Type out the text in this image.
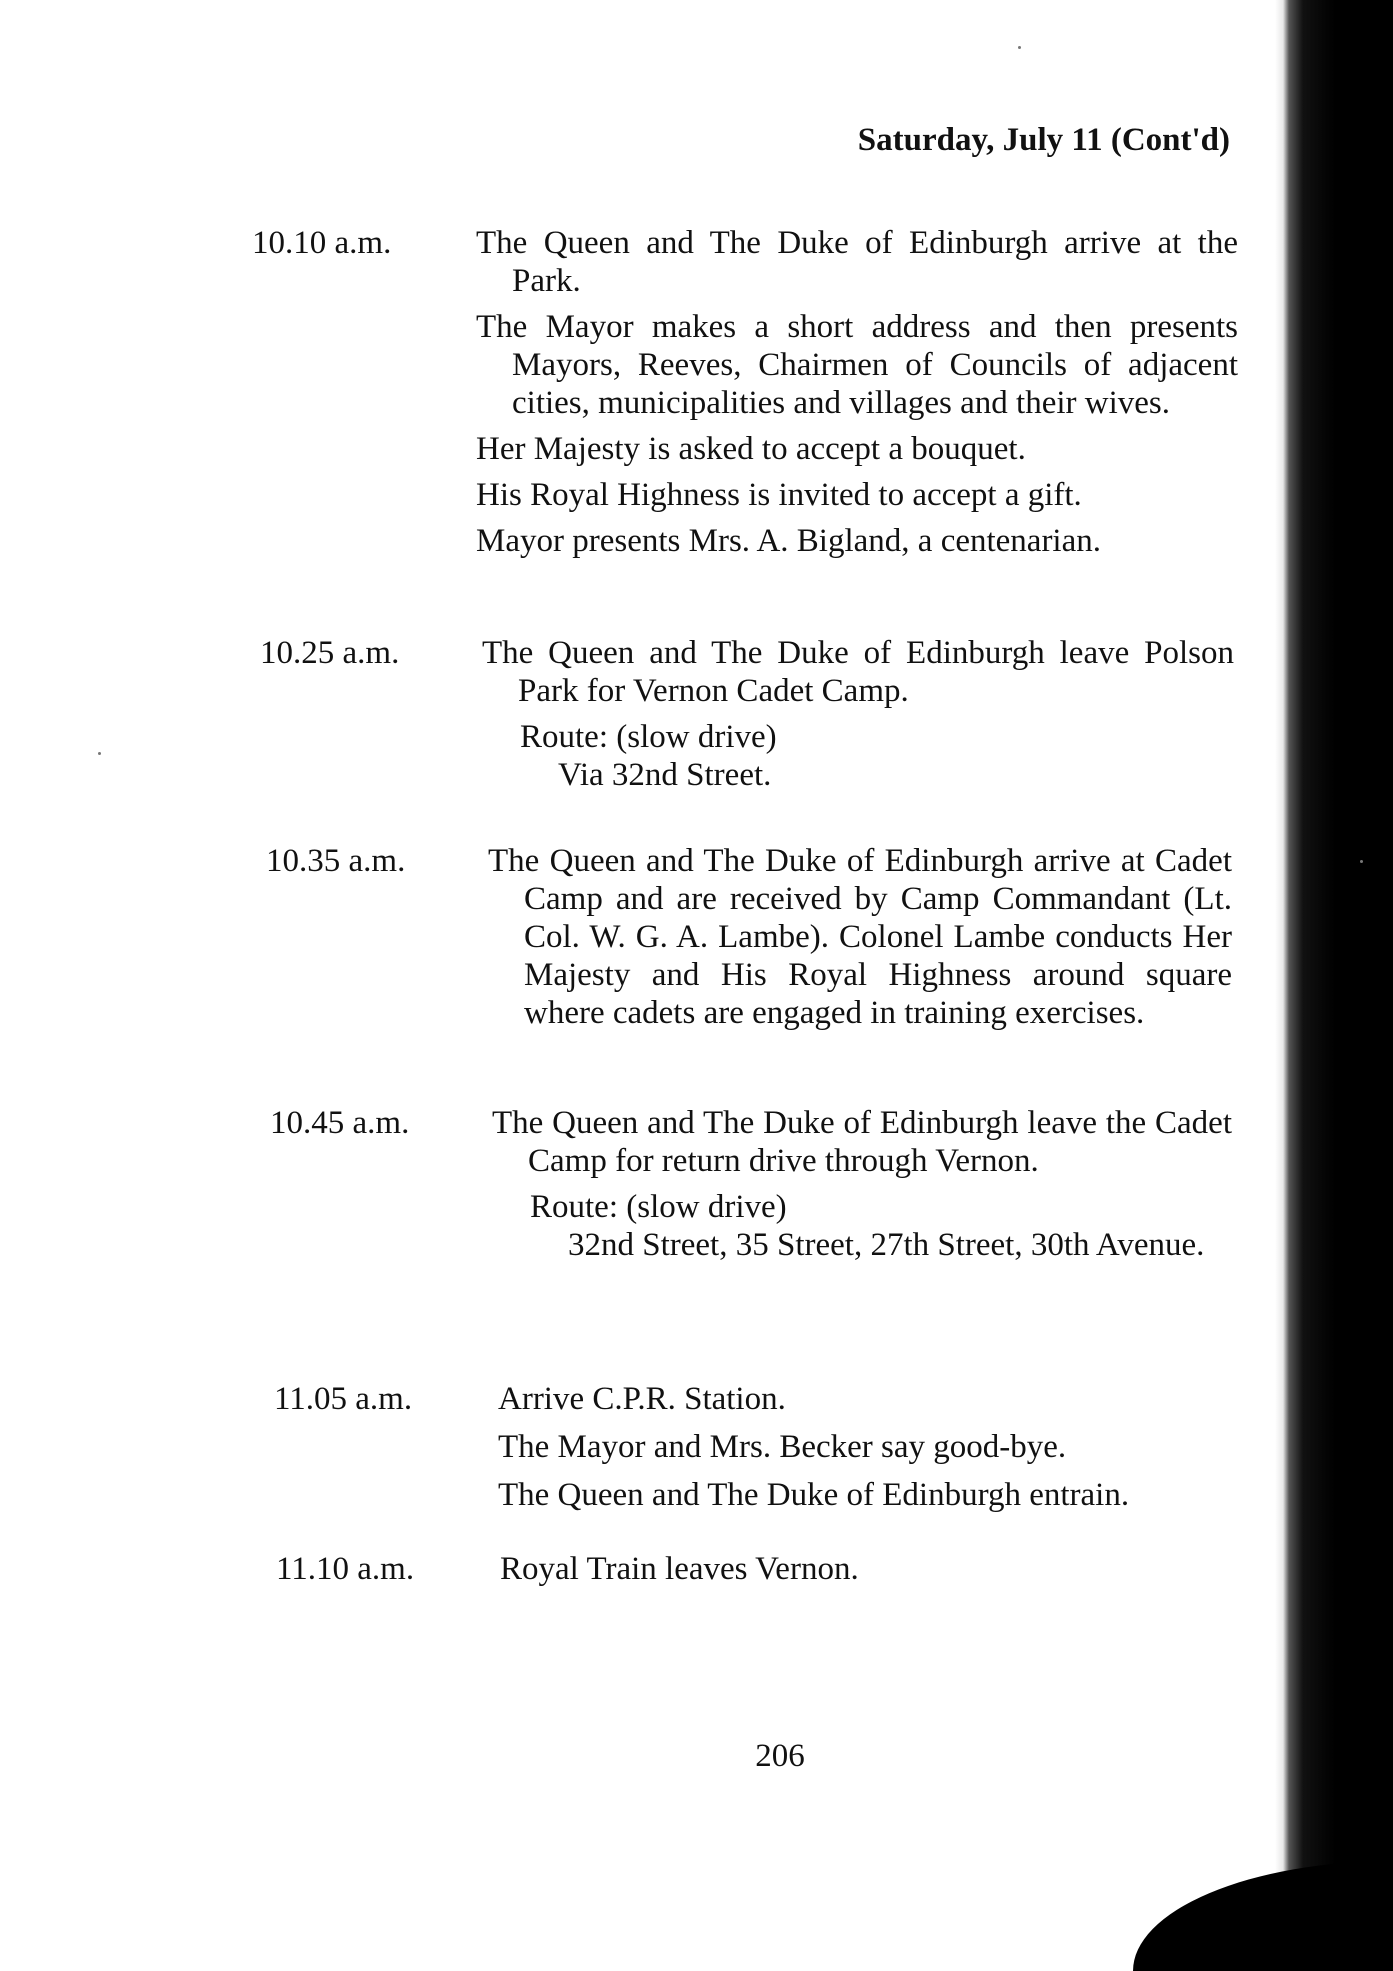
Saturday, July 11 (Cont'd)
10.10 a.m.	The Queen and The Duke of Edinburgh arrive at the Park.

The Mayor makes a short address and then presents Mayors, Reeves, Chairmen of Councils of adjacent cities, municipalities and villages and their wives.

Her Majesty is asked to accept a bouquet.

His Royal Highness is invited to accept a gift.

Mayor presents Mrs. A. Bigland, a centenarian.

10.25 a.m.	The Queen and The Duke of Edinburgh leave Polson Park for Vernon Cadet Camp.

Route: (slow drive)
Via 32nd Street.
10.35 a.m.	The Queen and The Duke of Edinburgh arrive at Cadet Camp and are received by Camp Commandant (Lt. Col. W. G. A. Lambe). Colonel Lambe conducts Her Majesty and His Royal Highness around square where cadets are engaged in training exercises.

10.45 a.m.	The Queen and The Duke of Edinburgh leave the Cadet Camp for return drive through Vernon.

Route: (slow drive)
32nd Street, 35 Street, 27th Street, 30th Avenue.
11.05 a.m.	Arrive C.P.R. Station.

The Mayor and Mrs. Becker say good-bye.

The Queen and The Duke of Edinburgh entrain.

11.10 a.m.	Royal Train leaves Vernon.

206
